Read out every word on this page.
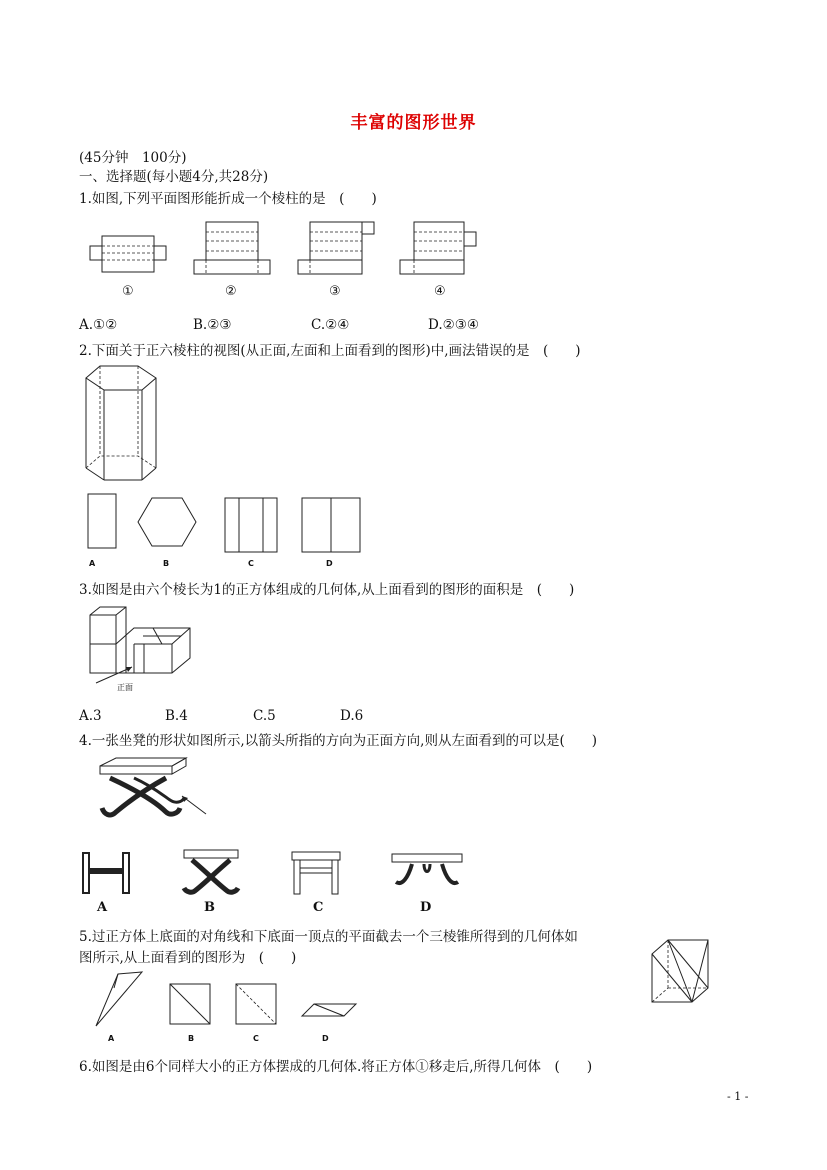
丰富的图形世界
(45分钟　100分)
一、选择题(每小题4分,共28分)
1.如图,下列平面图形能折成一个棱柱的是　(　　)
①	②	③	④
A.①②	B.②③	C.②④	D.②③④
2.下面关于正六棱柱的视图(从正面,左面和上面看到的图形)中,画法错误的是　(　　)
A	B	C	D
3.如图是由六个棱长为1的正方体组成的几何体,从上面看到的图形的面积是　(　　)
正面
A.3	B.4	C.5	D.6
4.一张坐凳的形状如图所示,以箭头所指的方向为正面方向,则从左面看到的可以是(　　)
A	B	C	D
5.过正方体上底面的对角线和下底面一顶点的平面截去一个三棱锥所得到的几何体如
图所示,从上面看到的图形为　(　　)
A	B	C	D
6.如图是由6个同样大小的正方体摆成的几何体.将正方体①移走后,所得几何体　(　　)
- 1 -
